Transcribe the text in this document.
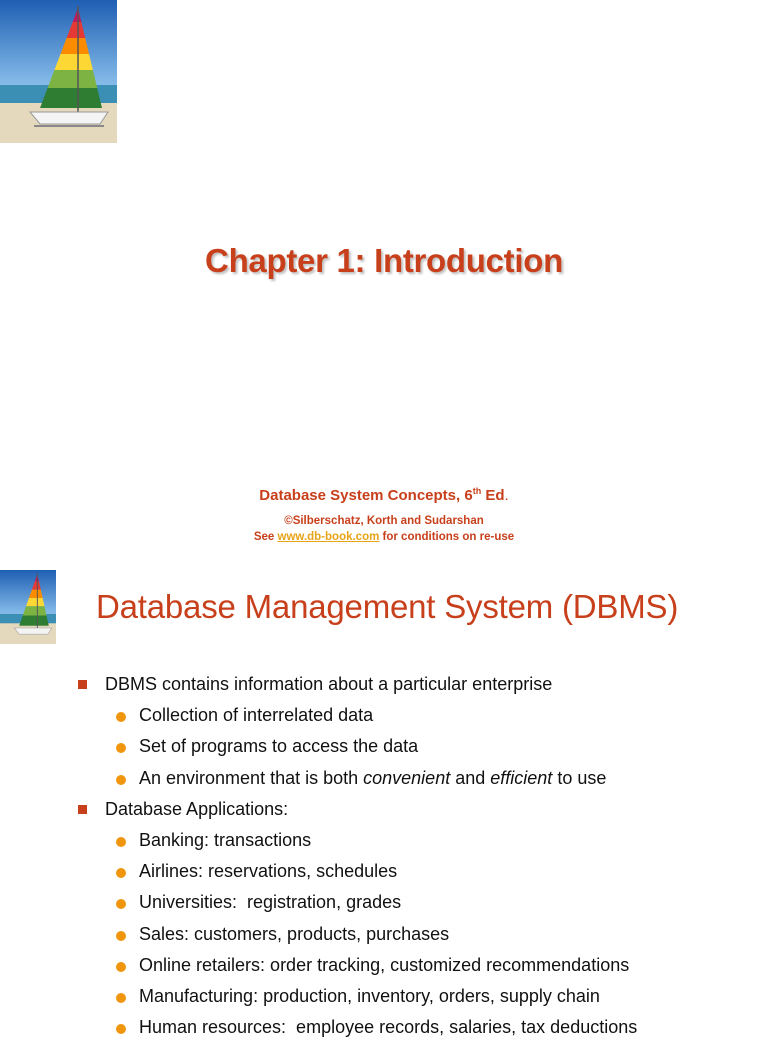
Chapter 1: Introduction
Database System Concepts, 6th Ed.
©Silberschatz, Korth and Sudarshan
See www.db-book.com for conditions on re-use
Database Management System (DBMS)
DBMS contains information about a particular enterprise
Collection of interrelated data
Set of programs to access the data
An environment that is both convenient and efficient to use
Database Applications:
Banking: transactions
Airlines: reservations, schedules
Universities:  registration, grades
Sales: customers, products, purchases
Online retailers: order tracking, customized recommendations
Manufacturing: production, inventory, orders, supply chain
Human resources:  employee records, salaries, tax deductions
